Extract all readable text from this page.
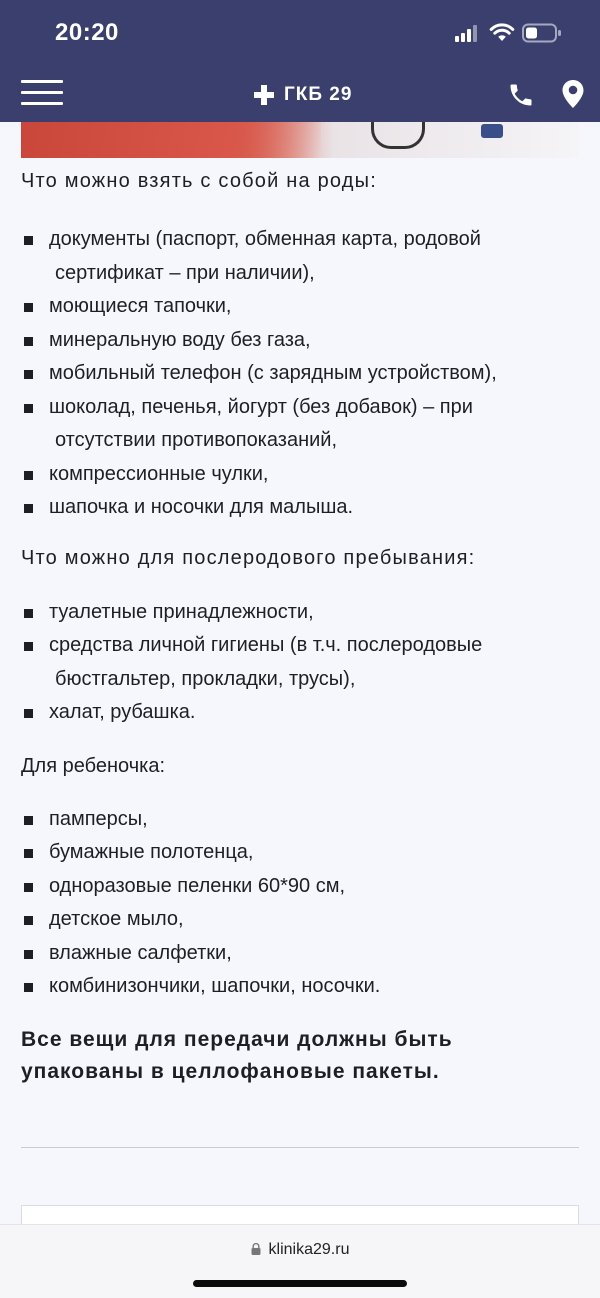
20:20
ГКБ 29
Что можно взять с собой на роды:
документы (паспорт, обменная карта, родовой
сертификат – при наличии),
моющиеся тапочки,
минеральную воду без газа,
мобильный телефон (с зарядным устройством),
шоколад, печенья, йогурт (без добавок) – при
отсутствии противопоказаний,
компрессионные чулки,
шапочка и носочки для малыша.
Что можно для послеродового пребывания:
туалетные принадлежности,
средства личной гигиены (в т.ч. послеродовые
бюстгальтер, прокладки, трусы),
халат, рубашка.

Для ребеночка:

памперсы,
бумажные полотенца,
одноразовые пеленки 60*90 см,
детское мыло,
влажные салфетки,
комбинизончики, шапочки, носочки.

Все вещи для передачи должны быть упакованы в целлофановые пакеты.

klinika29.ru
